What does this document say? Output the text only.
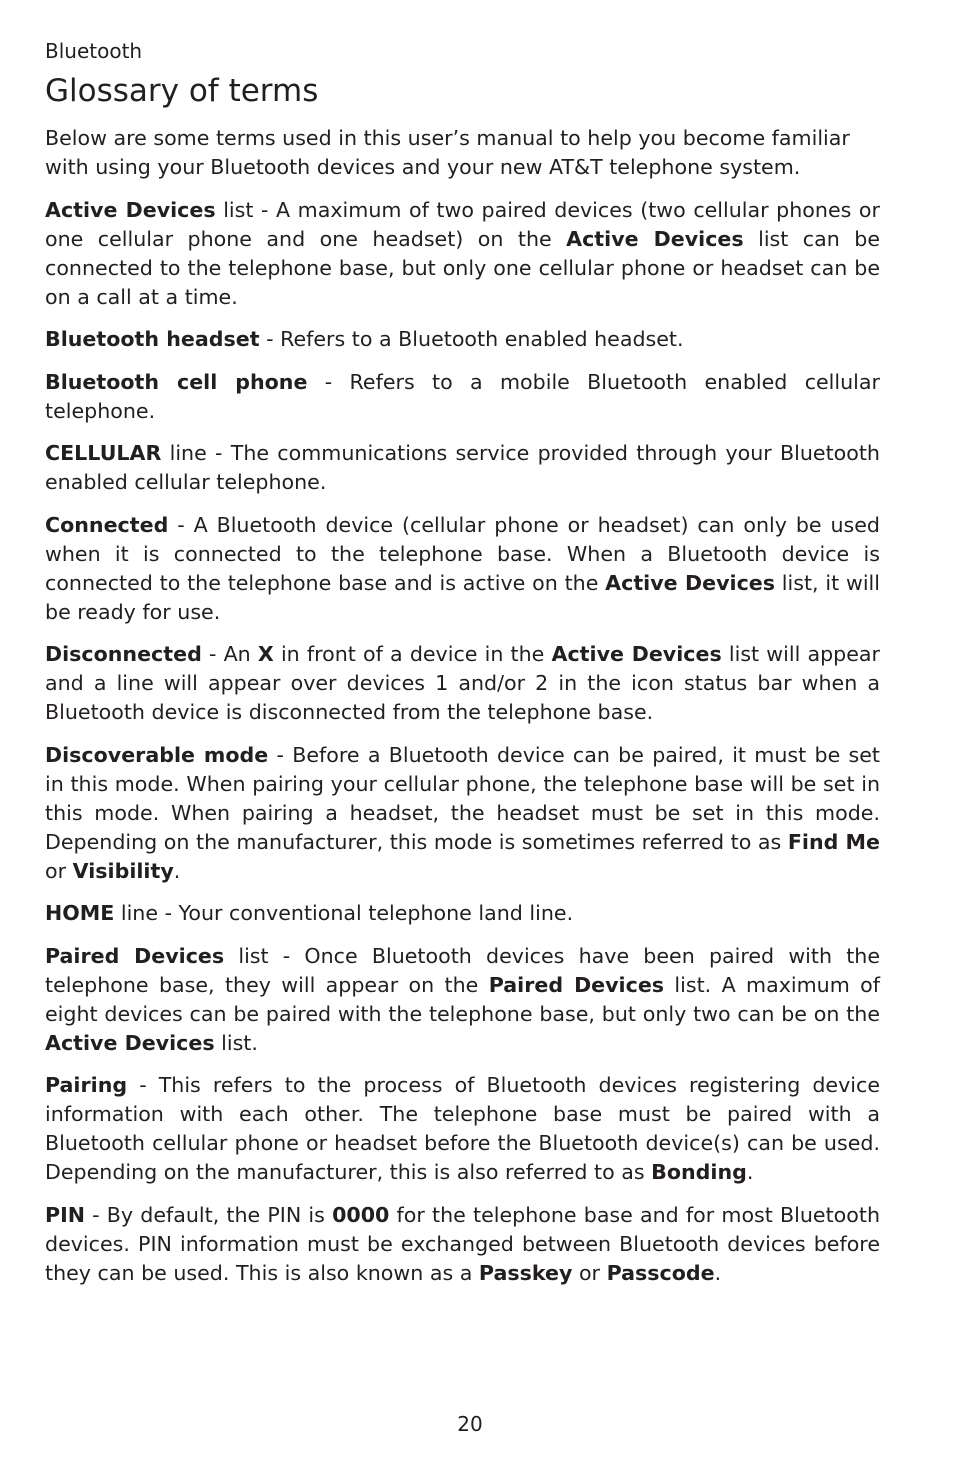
Bluetooth
Glossary of terms

Below are some terms used in this user’s manual to help you become familiar with using your Bluetooth devices and your new AT&T telephone system.

Active Devices list - A maximum of two paired devices (two cellular phones or one cellular phone and one headset) on the Active Devices list can be connected to the telephone base, but only one cellular phone or headset can be on a call at a time.

Bluetooth headset - Refers to a Bluetooth enabled headset.

Bluetooth cell phone - Refers to a mobile Bluetooth enabled cellular telephone.

CELLULAR line - The communications service provided through your Bluetooth enabled cellular telephone.

Connected - A Bluetooth device (cellular phone or headset) can only be used when it is connected to the telephone base. When a Bluetooth device is connected to the telephone base and is active on the Active Devices list, it will be ready for use.

Disconnected - An X in front of a device in the Active Devices list will appear and a line will appear over devices 1 and/or 2 in the icon status bar when a Bluetooth device is disconnected from the telephone base.

Discoverable mode - Before a Bluetooth device can be paired, it must be set in this mode. When pairing your cellular phone, the telephone base will be set in this mode. When pairing a headset, the headset must be set in this mode. Depending on the manufacturer, this mode is sometimes referred to as Find Me or Visibility.

HOME line - Your conventional telephone land line.

Paired Devices list - Once Bluetooth devices have been paired with the telephone base, they will appear on the Paired Devices list. A maximum of eight devices can be paired with the telephone base, but only two can be on the Active Devices list.

Pairing - This refers to the process of Bluetooth devices registering device information with each other. The telephone base must be paired with a Bluetooth cellular phone or headset before the Bluetooth device(s) can be used. Depending on the manufacturer, this is also referred to as Bonding.

PIN - By default, the PIN is 0000 for the telephone base and for most Bluetooth devices. PIN information must be exchanged between Bluetooth devices before they can be used. This is also known as a Passkey or Passcode.

20
